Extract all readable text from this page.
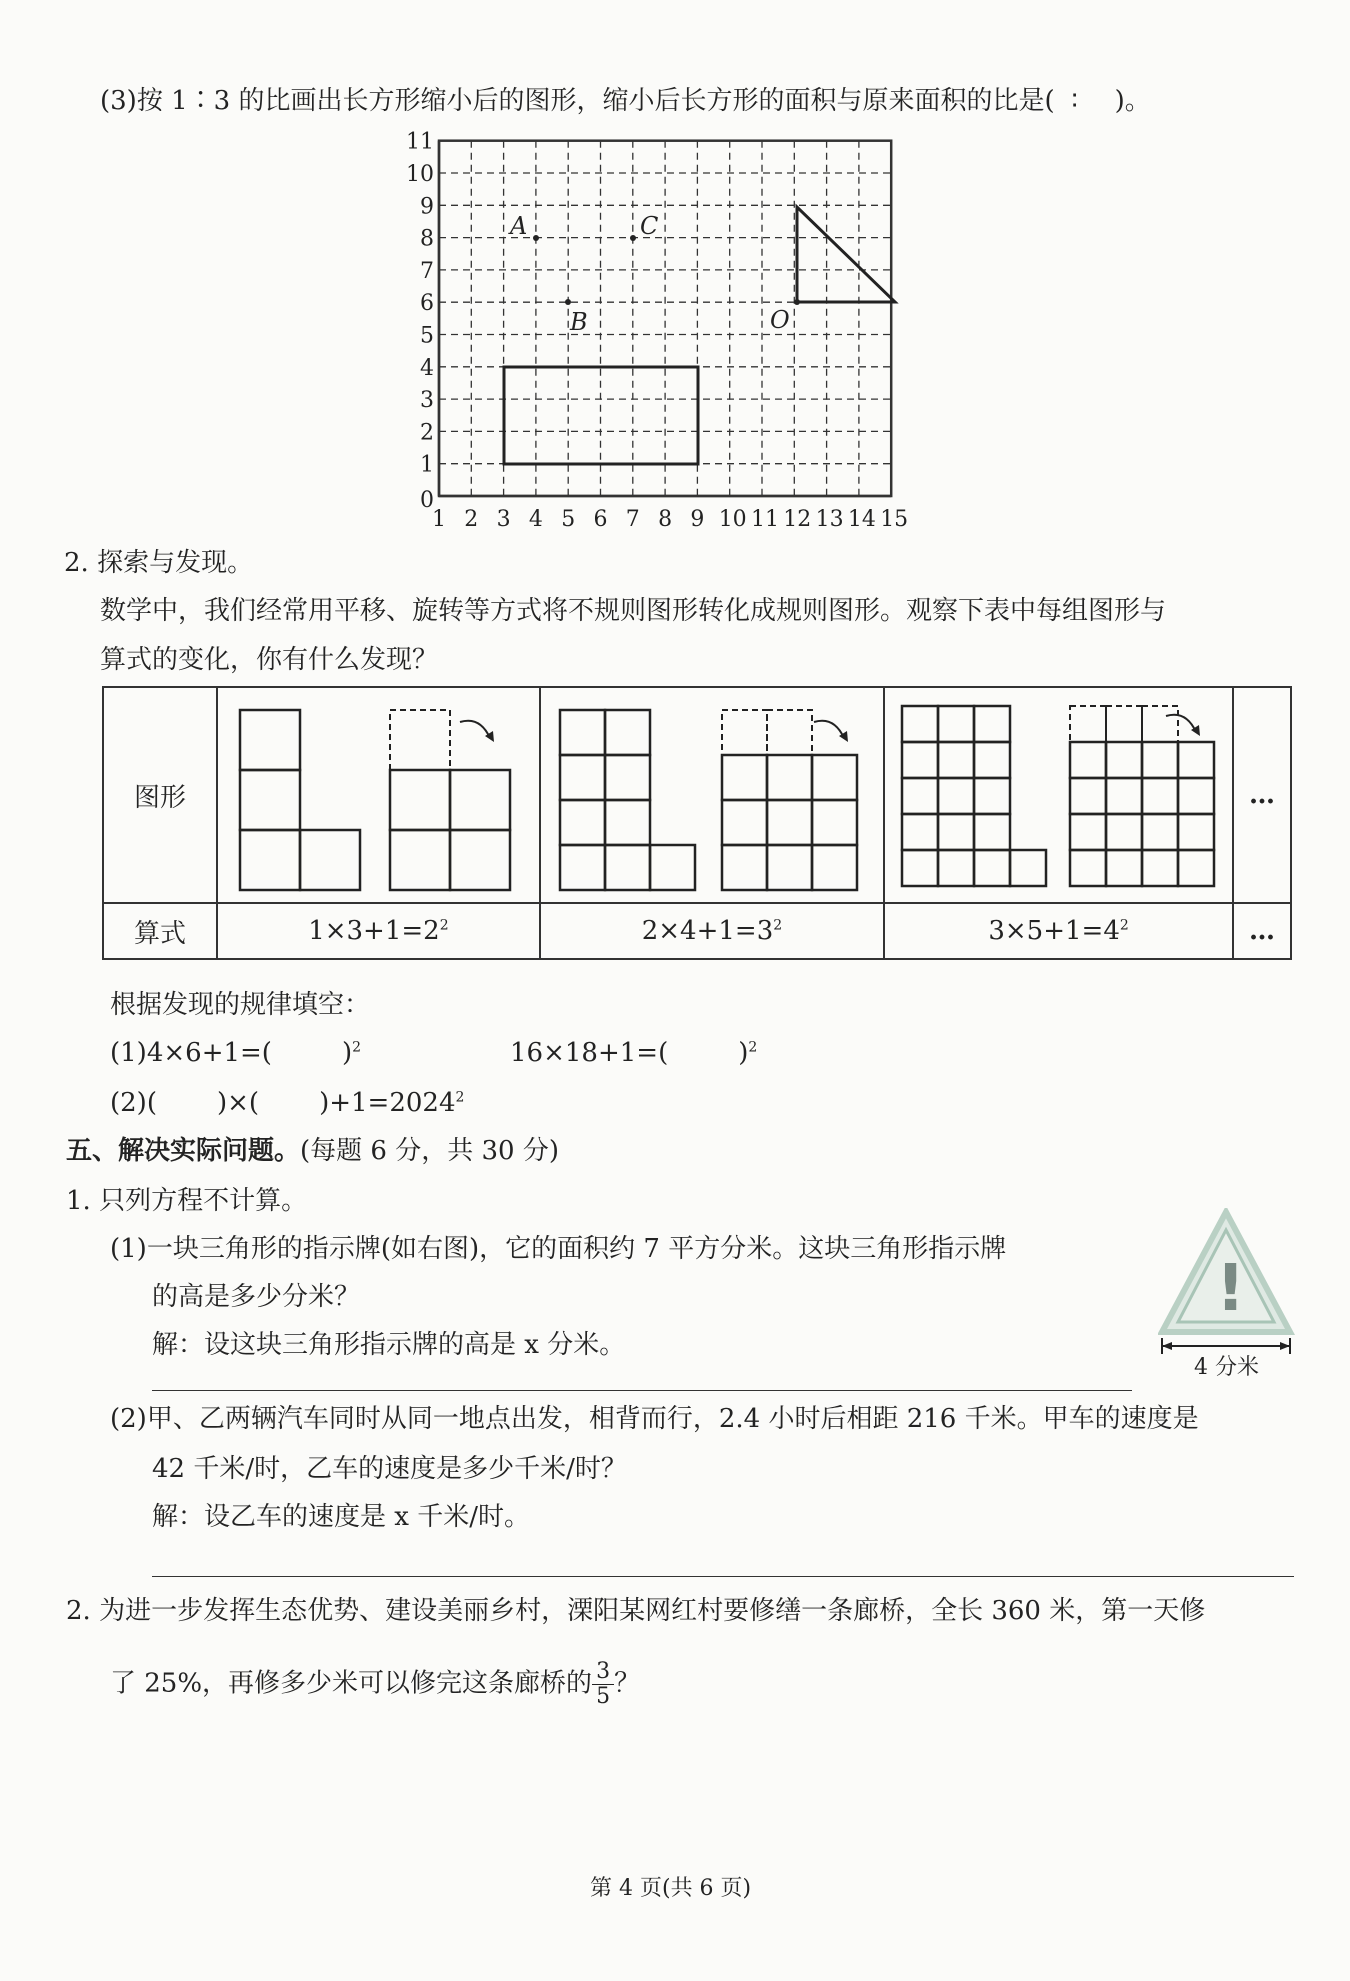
(3)按 1∶3 的比画出长方形缩小后的图形，缩小后长方形的面积与原来面积的比是( ∶ )。
1
2
3
4
5
6
7
8
9
10
11
1 2 3 4 5 6 7 8 9 10 11 12 13 14 15
A
B
C
O
0
2. 探索与发现。
数学中，我们经常用平移、旋转等方式将不规则图形转化成规则图形。观察下表中每组图形与
算式的变化，你有什么发现？
图形				…
算式	$1\times 3+1=2^2$	$2\times 4+1=3^2$	$3\times 5+1=4^2$	…
根据发现的规律填空：
(1)4×6+1=(	)$^2$	16×18+1=(	)$^2$
(2)( )×( )$+1=2024^2$
五、解决实际问题。(每题 6 分，共 30 分)
1. 只列方程不计算。
(1)一块三角形的指示牌(如右图)，它的面积约 7 平方分米。这块三角形指示牌
的高是多少分米？
解：设这块三角形指示牌的高是 x 分米。
!
4 分米
(2)甲、乙两辆汽车同时从同一地点出发，相背而行，2.4 小时后相距 216 千米。甲车的速度是
42 千米/时，乙车的速度是多少千米/时？
解：设乙车的速度是 x 千米/时。
2. 为进一步发挥生态优势、建设美丽乡村，溧阳某网红村要修缮一条廊桥，全长 360 米，第一天修
了 25%，再修多少米可以修完这条廊桥的 $\frac{3}{5}$ ？
第 4 页(共 6 页)
